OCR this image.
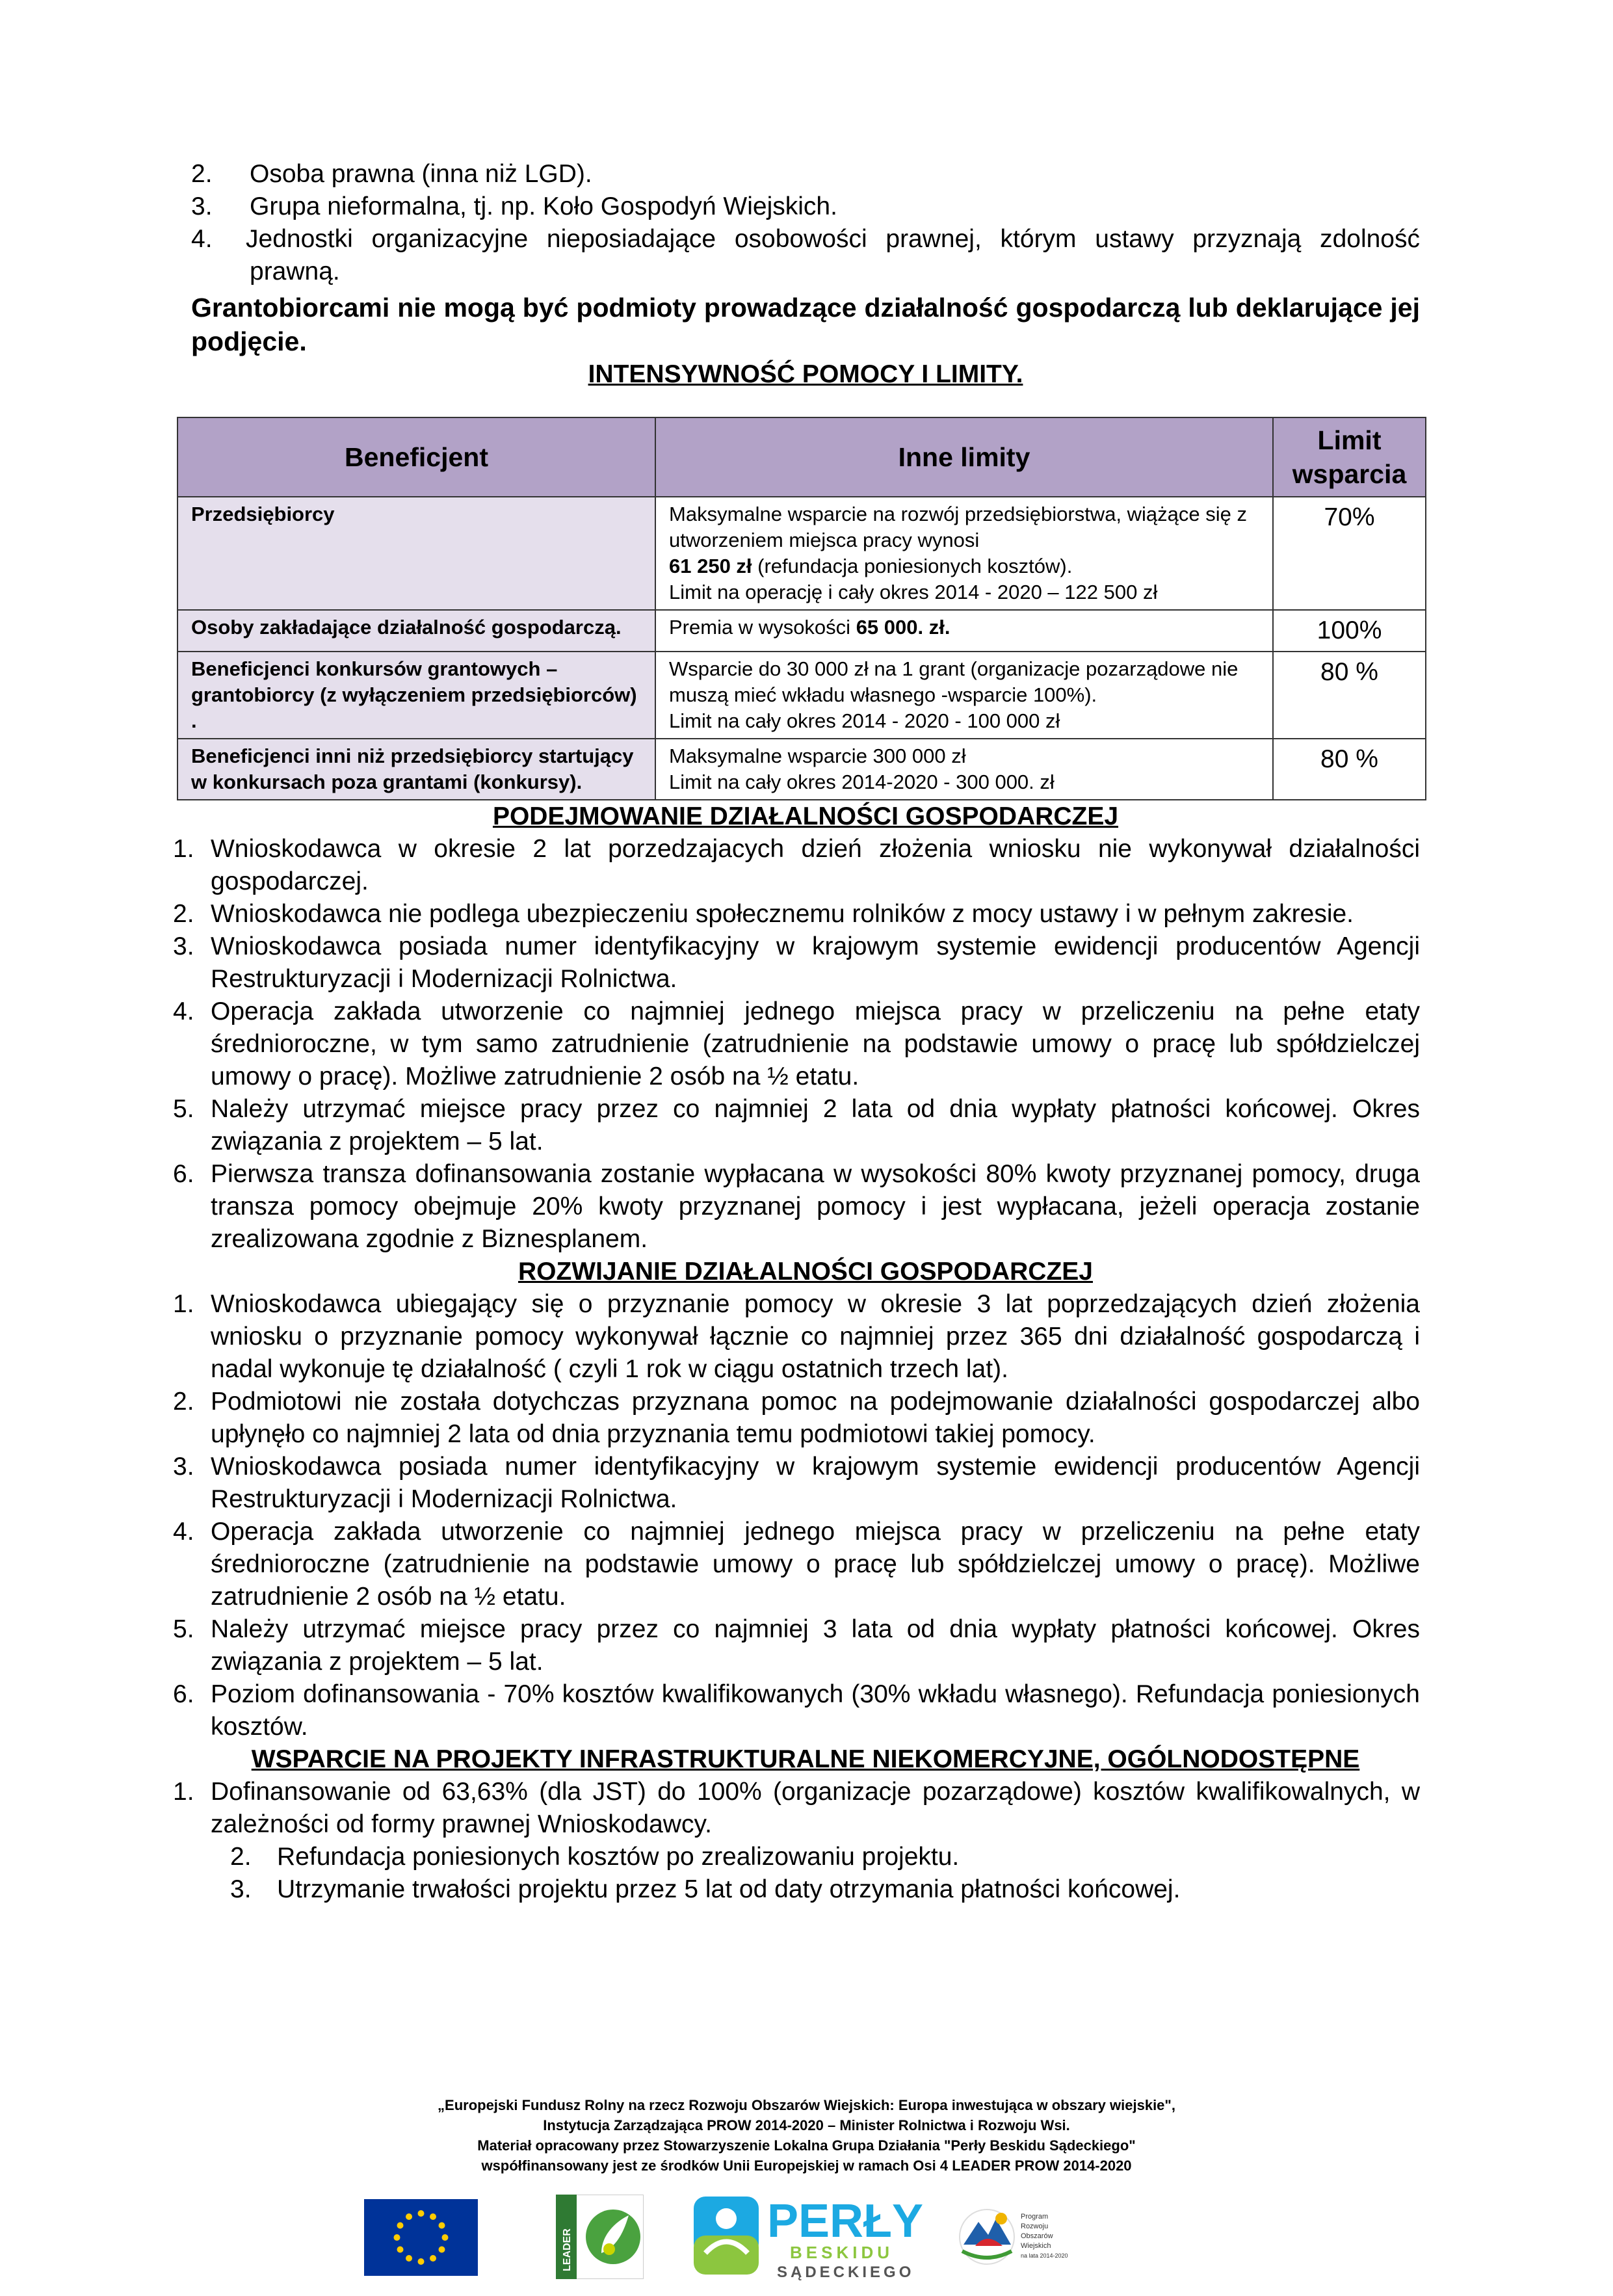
2. Osoba prawna (inna niż LGD).
3. Grupa nieformalna, tj. np. Koło Gospodyń Wiejskich.
4. Jednostki organizacyjne nieposiadające osobowości prawnej, którym ustawy przyznają zdolność prawną.

Grantobiorcami nie mogą być podmioty prowadzące działalność gospodarczą lub deklarujące jej podjęcie.

INTENSYWNOŚĆ POMOCY I LIMITY.
Beneficjent	Inne limity	Limit wsparcia
Przedsiębiorcy	Maksymalne wsparcie na rozwój przedsiębiorstwa, wiążące się z utworzeniem miejsca pracy wynosi
61 250 zł (refundacja poniesionych kosztów).
Limit na operację i cały okres 2014 - 2020 – 122 500 zł	70%
Osoby zakładające działalność gospodarczą.	Premia w wysokości 65 000. zł.	100%
Beneficjenci konkursów grantowych – grantobiorcy (z wyłączeniem przedsiębiorców) .	Wsparcie do 30 000 zł na 1 grant (organizacje pozarządowe nie muszą mieć wkładu własnego -wsparcie 100%).
Limit na cały okres 2014 - 2020 - 100 000 zł	80 %
Beneficjenci inni niż przedsiębiorcy startujący w konkursach poza grantami (konkursy).	Maksymalne wsparcie 300 000 zł
Limit na cały okres 2014-2020 - 300 000. zł	80 %
PODEJMOWANIE DZIAŁALNOŚCI GOSPODARCZEJ
1. Wnioskodawca w okresie 2 lat porzedzajacych dzień złożenia wniosku nie wykonywał działalności gospodarczej.
2. Wnioskodawca nie podlega ubezpieczeniu społecznemu rolników z mocy ustawy i w pełnym zakresie.
3. Wnioskodawca posiada numer identyfikacyjny w krajowym systemie ewidencji producentów Agencji Restrukturyzacji i Modernizacji Rolnictwa.
4. Operacja zakłada utworzenie co najmniej jednego miejsca pracy w przeliczeniu na pełne etaty średnioroczne, w tym samo zatrudnienie (zatrudnienie na podstawie umowy o pracę lub spółdzielczej umowy o pracę). Możliwe zatrudnienie 2 osób na ½ etatu.
5. Należy utrzymać miejsce pracy przez co najmniej 2 lata od dnia wypłaty płatności końcowej. Okres związania z projektem – 5 lat.
6. Pierwsza transza dofinansowania zostanie wypłacana w wysokości 80% kwoty przyznanej pomocy, druga transza pomocy obejmuje 20% kwoty przyznanej pomocy i jest wypłacana, jeżeli operacja zostanie zrealizowana zgodnie z Biznesplanem.
ROZWIJANIE DZIAŁALNOŚCI GOSPODARCZEJ
1. Wnioskodawca ubiegający się o przyznanie pomocy w okresie 3 lat poprzedzających dzień złożenia wniosku o przyznanie pomocy wykonywał łącznie co najmniej przez 365 dni działalność gospodarczą i nadal wykonuje tę działalność ( czyli 1 rok w ciągu ostatnich trzech lat).
2. Podmiotowi nie została dotychczas przyznana pomoc na podejmowanie działalności gospodarczej albo upłynęło co najmniej 2 lata od dnia przyznania temu podmiotowi takiej pomocy.
3. Wnioskodawca posiada numer identyfikacyjny w krajowym systemie ewidencji producentów Agencji Restrukturyzacji i Modernizacji Rolnictwa.
4. Operacja zakłada utworzenie co najmniej jednego miejsca pracy w przeliczeniu na pełne etaty średnioroczne (zatrudnienie na podstawie umowy o pracę lub spółdzielczej umowy o pracę). Możliwe zatrudnienie 2 osób na ½ etatu.
5. Należy utrzymać miejsce pracy przez co najmniej 3 lata od dnia wypłaty płatności końcowej. Okres związania z projektem – 5 lat.
6. Poziom dofinansowania - 70% kosztów kwalifikowanych (30% wkładu własnego). Refundacja poniesionych kosztów.
WSPARCIE NA PROJEKTY INFRASTRUKTURALNE NIEKOMERCYJNE, OGÓLNODOSTĘPNE
1. Dofinansowanie od 63,63% (dla JST) do 100% (organizacje pozarządowe) kosztów kwalifikowalnych, w zależności od formy prawnej Wnioskodawcy.
2. Refundacja poniesionych kosztów po zrealizowaniu projektu.
3. Utrzymanie trwałości projektu przez 5 lat od daty otrzymania płatności końcowej.
„Europejski Fundusz Rolny na rzecz Rozwoju Obszarów Wiejskich: Europa inwestująca w obszary wiejskie",
Instytucja Zarządzająca PROW 2014-2020 – Minister Rolnictwa i Rozwoju Wsi.
Materiał opracowany przez Stowarzyszenie Lokalna Grupa Działania "Perły Beskidu Sądeckiego"
współfinansowany jest ze środków Unii Europejskiej w ramach Osi 4 LEADER PROW 2014-2020
LEADER
PERŁY
BESKIDU
SĄDECKIEGO
Program
Rozwoju
Obszarów
Wiejskich
na lata 2014-2020
